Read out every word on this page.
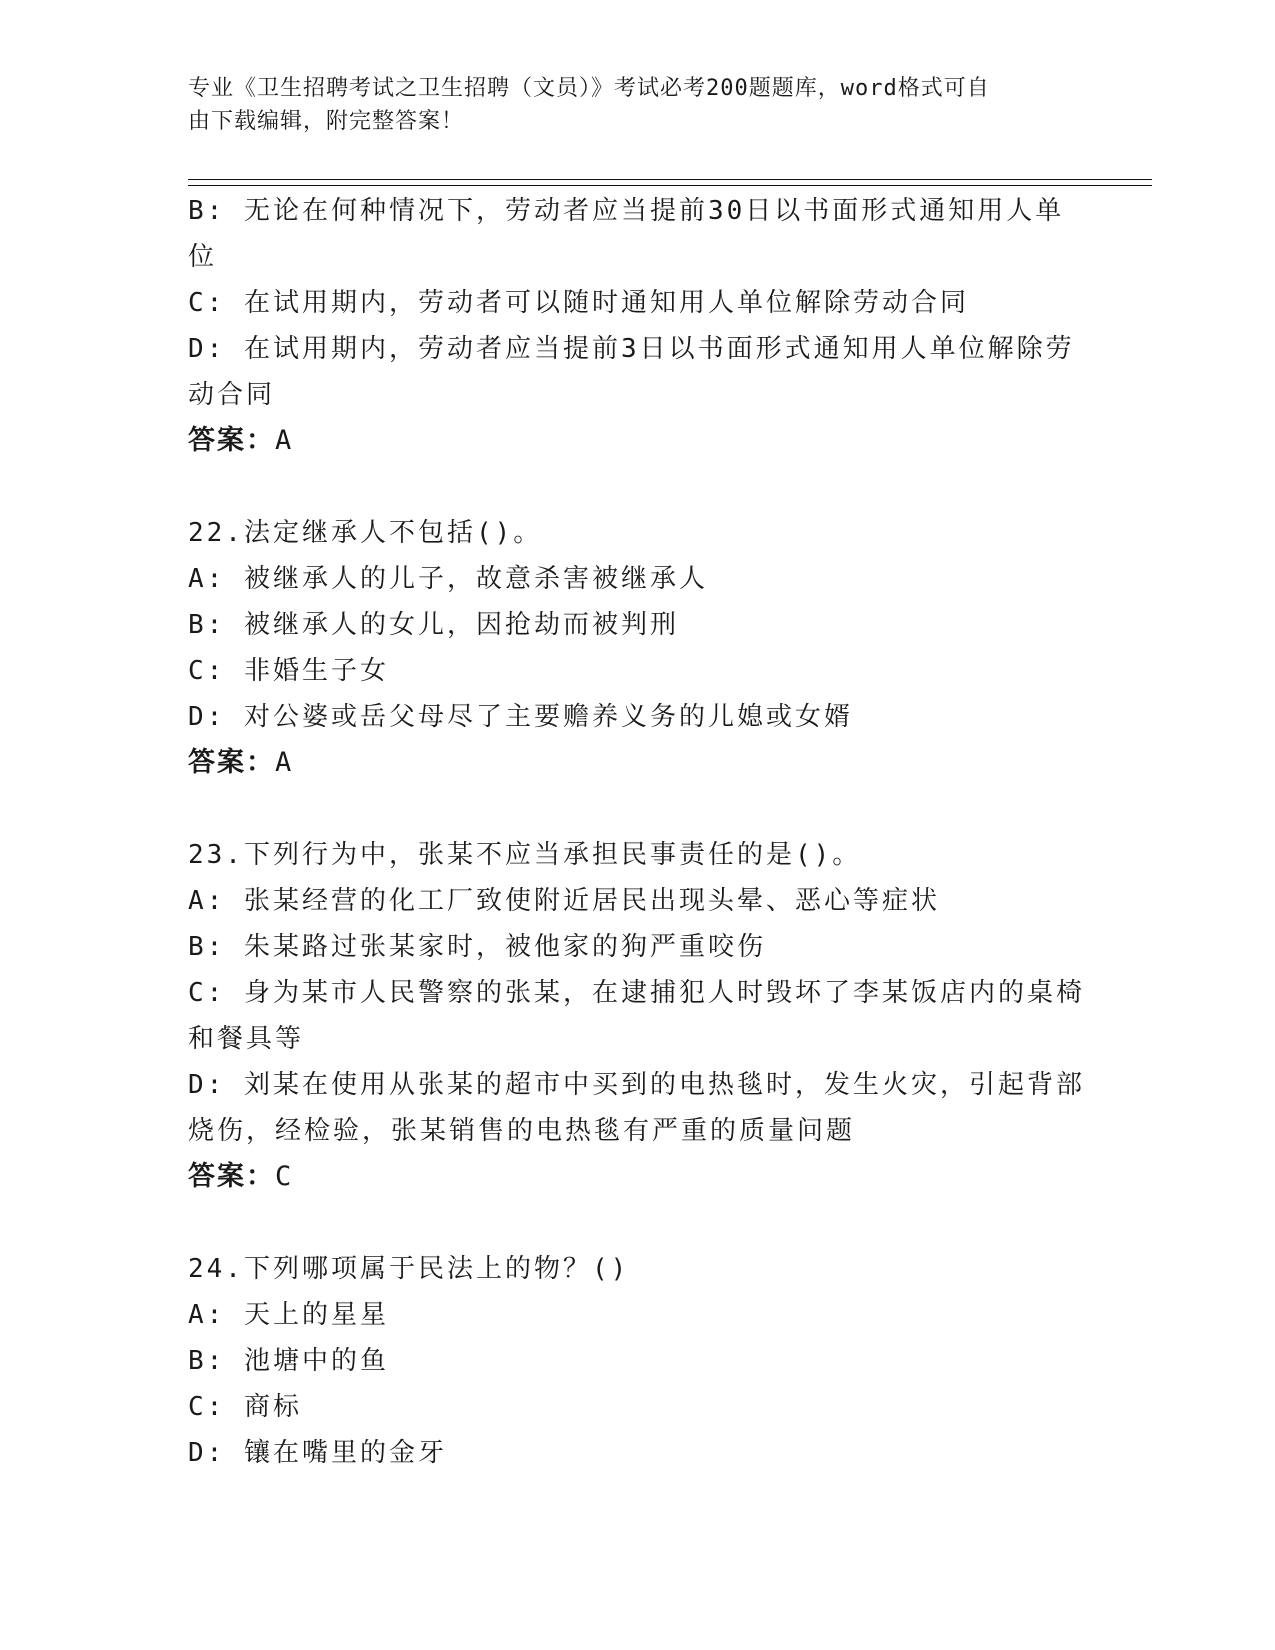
专业《卫生招聘考试之卫生招聘（文员）》考试必考200题题库，word格式可自
由下载编辑，附完整答案！

B: 无论在何种情况下，劳动者应当提前30日以书面形式通知用人单

位

C: 在试用期内，劳动者可以随时通知用人单位解除劳动合同

D: 在试用期内，劳动者应当提前3日以书面形式通知用人单位解除劳

动合同

答案：A

22.法定继承人不包括()。

A: 被继承人的儿子，故意杀害被继承人

B: 被继承人的女儿，因抢劫而被判刑

C: 非婚生子女

D: 对公婆或岳父母尽了主要赡养义务的儿媳或女婿

答案：A

23.下列行为中，张某不应当承担民事责任的是()。

A: 张某经营的化工厂致使附近居民出现头晕、恶心等症状

B: 朱某路过张某家时，被他家的狗严重咬伤

C: 身为某市人民警察的张某，在逮捕犯人时毁坏了李某饭店内的桌椅

和餐具等

D: 刘某在使用从张某的超市中买到的电热毯时，发生火灾，引起背部

烧伤，经检验，张某销售的电热毯有严重的质量问题

答案：C

24.下列哪项属于民法上的物？()

A: 天上的星星

B: 池塘中的鱼

C: 商标

D: 镶在嘴里的金牙
